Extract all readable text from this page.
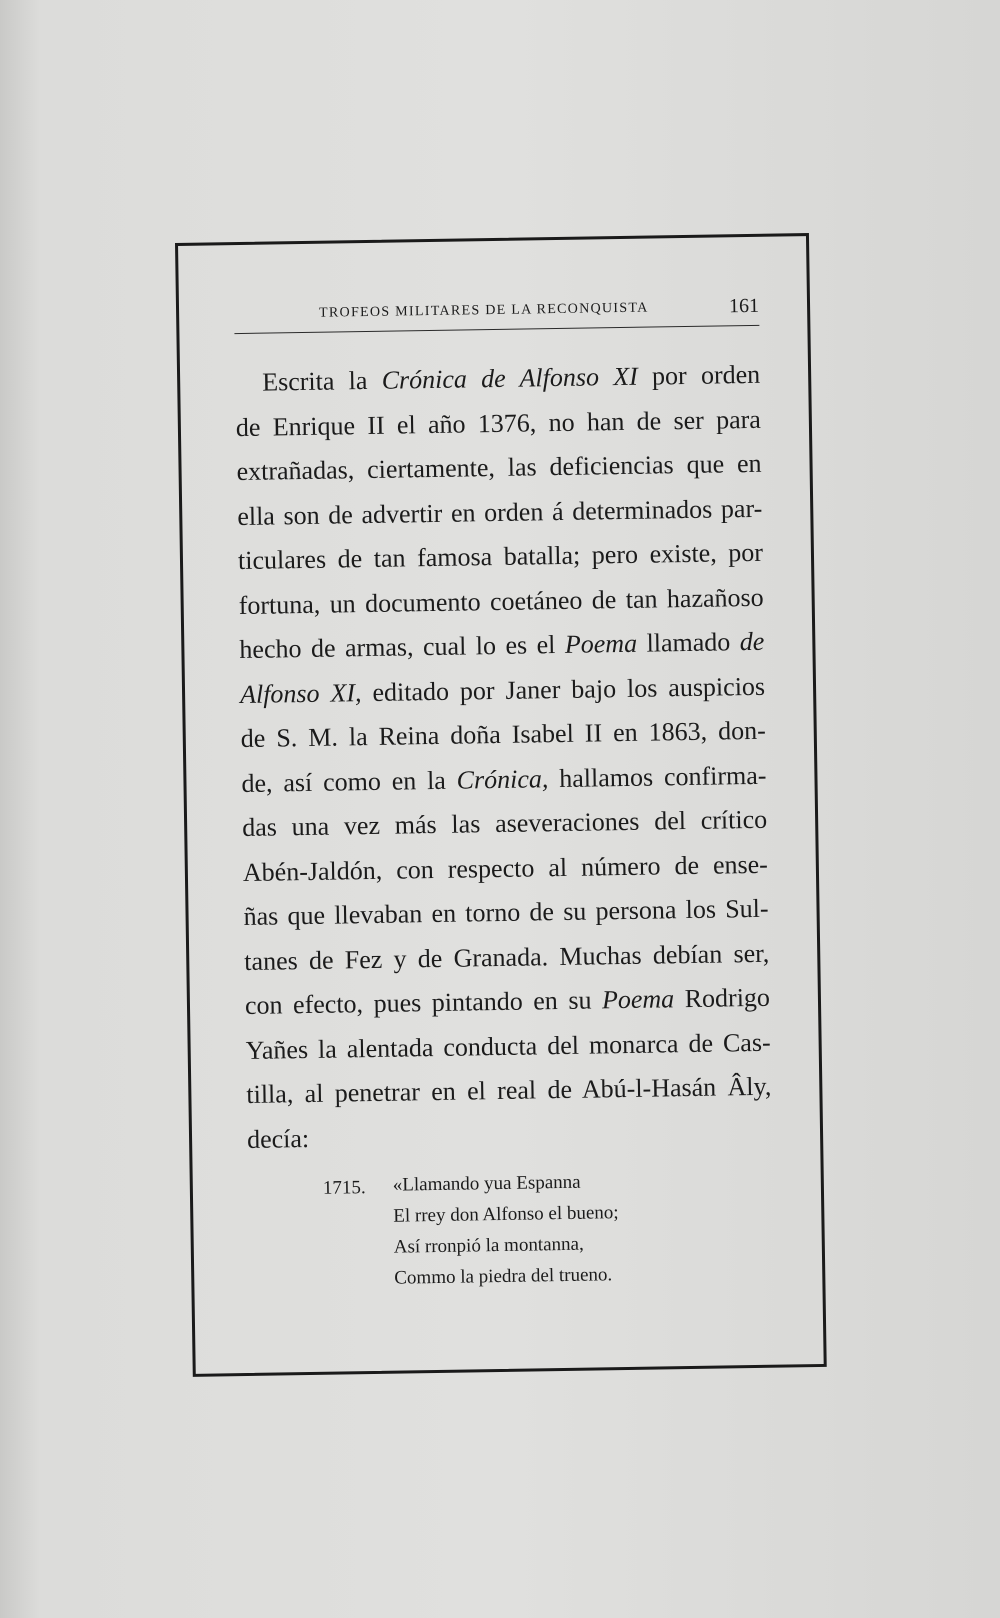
TROFEOS MILITARES DE LA RECONQUISTA	161
Escrita la Crónica de Alfonso XI por orden
de Enrique II el año 1376, no han de ser para
extrañadas, ciertamente, las deficiencias que en
ella son de advertir en orden á determinados par-
ticulares de tan famosa batalla; pero existe, por
fortuna, un documento coetáneo de tan hazañoso
hecho de armas, cual lo es el Poema llamado de
Alfonso XI, editado por Janer bajo los auspicios
de S. M. la Reina doña Isabel II en 1863, don-
de, así como en la Crónica, hallamos confirma-
das una vez más las aseveraciones del crítico
Abén-Jaldón, con respecto al número de ense-
ñas que llevaban en torno de su persona los Sul-
tanes de Fez y de Granada. Muchas debían ser,
con efecto, pues pintando en su Poema Rodrigo
Yañes la alentada conducta del monarca de Cas-
tilla, al penetrar en el real de Abú-l-Hasán Âly,
decía:
1715. «Llamando yua Espanna
El rrey don Alfonso el bueno;
Así rronpió la montanna,
Commo la piedra del trueno.
